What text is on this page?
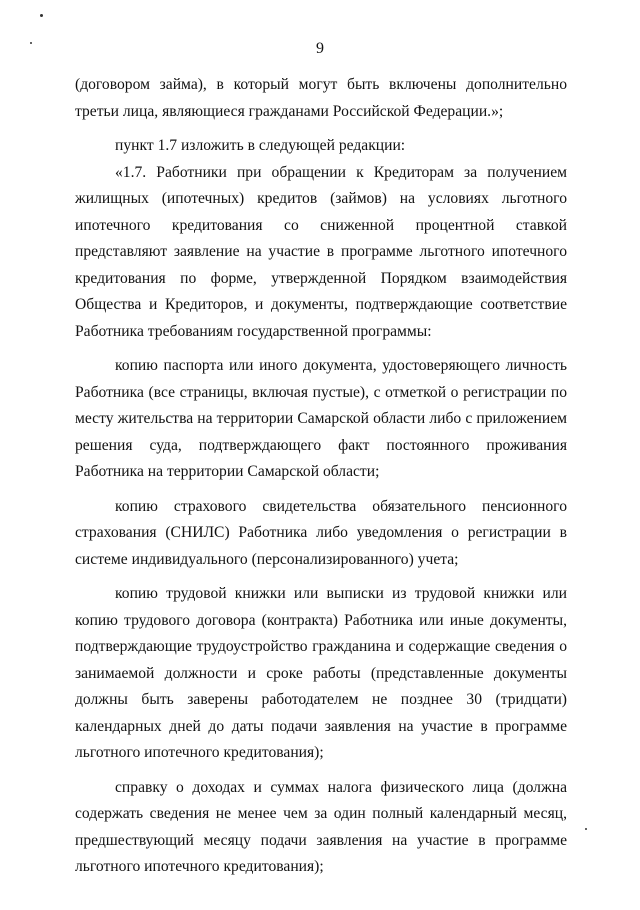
9

(договором займа), в который могут быть включены дополнительно третьи лица, являющиеся гражданами Российской Федерации.»;

пункт 1.7 изложить в следующей редакции:

«1.7. Работники при обращении к Кредиторам за получением жилищных (ипотечных) кредитов (займов) на условиях льготного ипотечного кредитования со сниженной процентной ставкой представляют заявление на участие в программе льготного ипотечного кредитования по форме, утвержденной Порядком взаимодействия Общества и Кредиторов, и документы, подтверждающие соответствие Работника требованиям государственной программы:

копию паспорта или иного документа, удостоверяющего личность Работника (все страницы, включая пустые), с отметкой о регистрации по месту жительства на территории Самарской области либо с приложением решения суда, подтверждающего факт постоянного проживания Работника на территории Самарской области;

копию страхового свидетельства обязательного пенсионного страхования (СНИЛС) Работника либо уведомления о регистрации в системе индивидуального (персонализированного) учета;

копию трудовой книжки или выписки из трудовой книжки или копию трудового договора (контракта) Работника или иные документы, подтверждающие трудоустройство гражданина и содержащие сведения о занимаемой должности и сроке работы (представленные документы должны быть заверены работодателем не позднее 30 (тридцати) календарных дней до даты подачи заявления на участие в программе льготного ипотечного кредитования);

справку о доходах и суммах налога физического лица (должна содержать сведения не менее чем за один полный календарный месяц, предшествующий месяцу подачи заявления на участие в программе льготного ипотечного кредитования);
